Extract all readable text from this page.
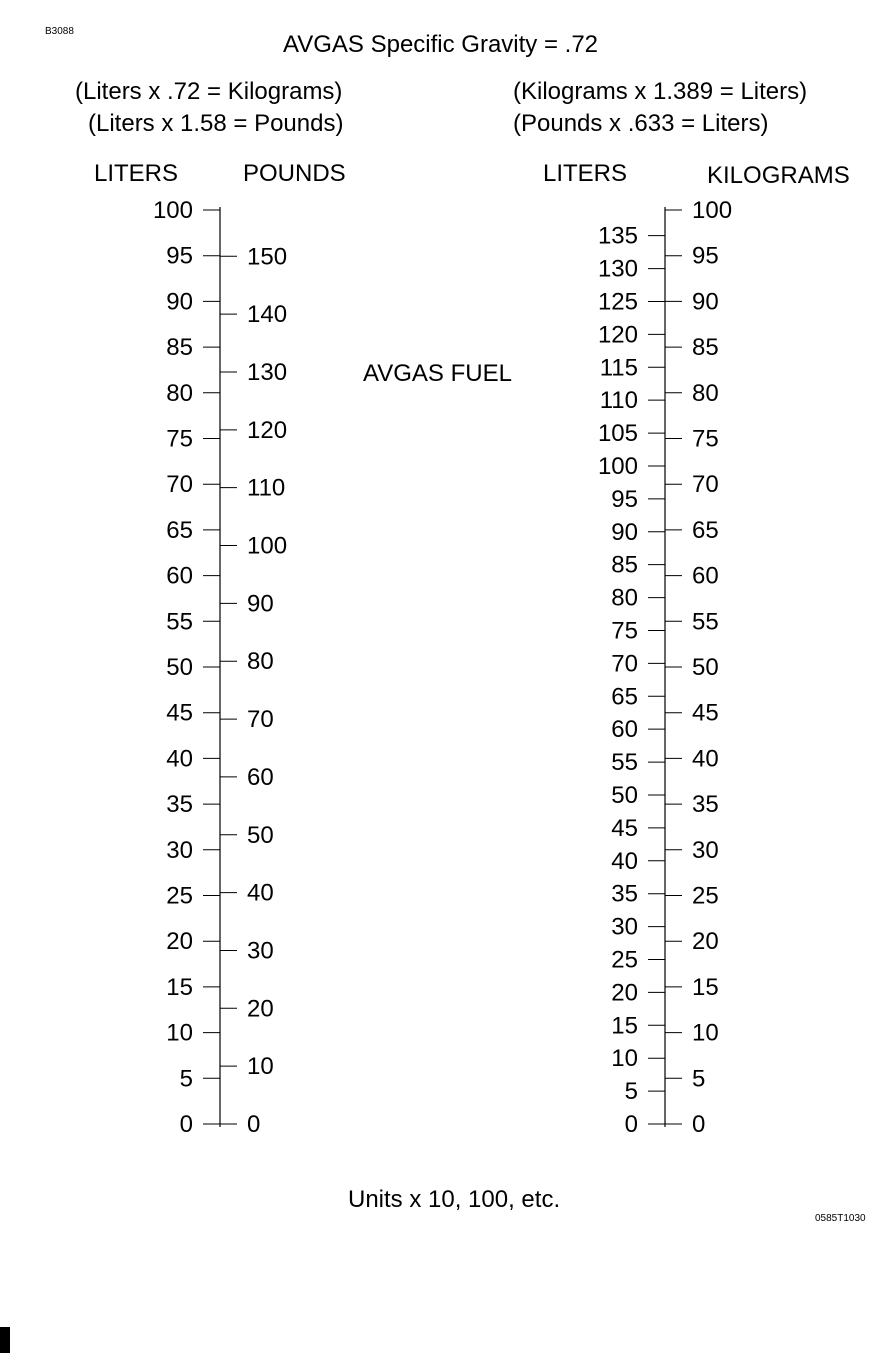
B3088	AVGAS Specific Gravity = .72
(Liters x .72 = Kilograms)
(Liters x 1.58 = Pounds)
(Kilograms x 1.389 = Liters)
(Pounds x .633 = Liters)
LITERS	POUNDS	LITERS	KILOGRAMS
AVGAS FUEL
0
5
10
15
20
25
30
35
40
45
50
55
60
65
70
75
80
85
90
95
100
0
10
20
30
40
50
60
70
80
90
100
110
120
130
140
150
0
5
10
15
20
25
30
35
40
45
50
55
60
65
70
75
80
85
90
95
100
105
110
115
120
125
130
135
0
5
10
15
20
25
30
35
40
45
50
55
60
65
70
75
80
85
90
95
100
Units x 10, 100, etc.
0585T1030
